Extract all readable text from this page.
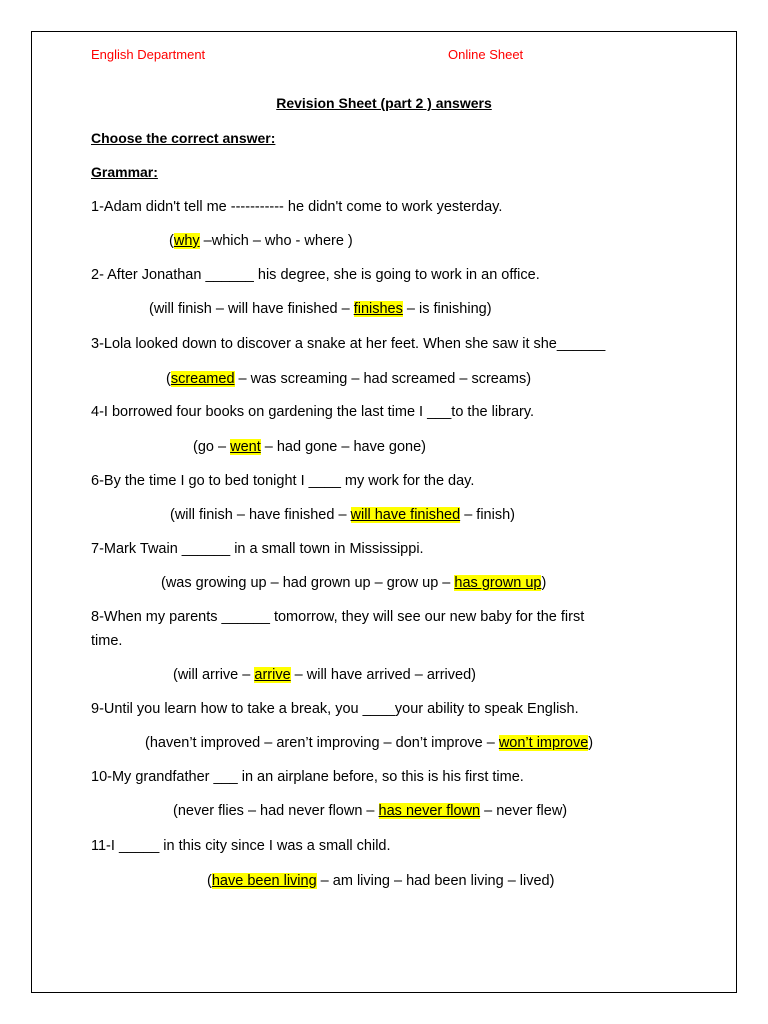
English Department	Online Sheet
Revision Sheet (part 2 ) answers
Choose the correct answer:
Grammar:
1-Adam didn't tell me ----------- he didn't come to work yesterday.
(why –which – who - where )
2- After Jonathan ______ his degree, she is going to work in an office.
(will finish – will have finished – finishes – is finishing)
3-Lola looked down to discover a snake at her feet. When she saw it she______
(screamed – was screaming – had screamed – screams)
4-I borrowed four books on gardening the last time I ___to the library.
(go – went – had gone – have gone)
6-By the time I go to bed tonight I ____ my work for the day.
(will finish – have finished – will have finished – finish)
7-Mark Twain ______ in a small town in Mississippi.
(was growing up – had grown up – grow up – has grown up)
8-When my parents ______ tomorrow, they will see our new baby for the first
time.
(will arrive – arrive – will have arrived – arrived)
9-Until you learn how to take a break, you ____your ability to speak English.
(haven’t improved – aren’t improving – don’t improve – won’t improve)
10-My grandfather ___ in an airplane before, so this is his first time.
(never flies – had never flown – has never flown – never flew)
11-I _____ in this city since I was a small child.
(have been living – am living – had been living – lived)
